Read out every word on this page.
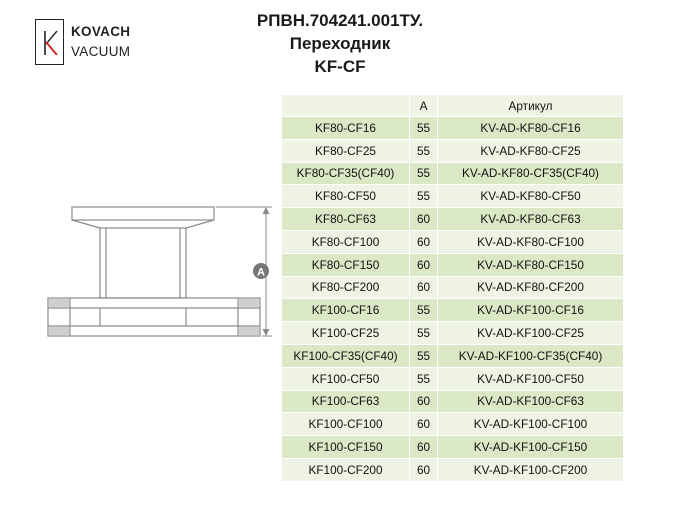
KOVACH
VACUUM
РПВН.704241.001ТУ.
Переходник
KF-CF
A
	A	Артикул
KF80-CF16	55	KV-AD-KF80-CF16
KF80-CF25	55	KV-AD-KF80-CF25
KF80-CF35(CF40)	55	KV-AD-KF80-CF35(CF40)
KF80-CF50	55	KV-AD-KF80-CF50
KF80-CF63	60	KV-AD-KF80-CF63
KF80-CF100	60	KV-AD-KF80-CF100
KF80-CF150	60	KV-AD-KF80-CF150
KF80-CF200	60	KV-AD-KF80-CF200
KF100-CF16	55	KV-AD-KF100-CF16
KF100-CF25	55	KV-AD-KF100-CF25
KF100-CF35(CF40)	55	KV-AD-KF100-CF35(CF40)
KF100-CF50	55	KV-AD-KF100-CF50
KF100-CF63	60	KV-AD-KF100-CF63
KF100-CF100	60	KV-AD-KF100-CF100
KF100-CF150	60	KV-AD-KF100-CF150
KF100-CF200	60	KV-AD-KF100-CF200
